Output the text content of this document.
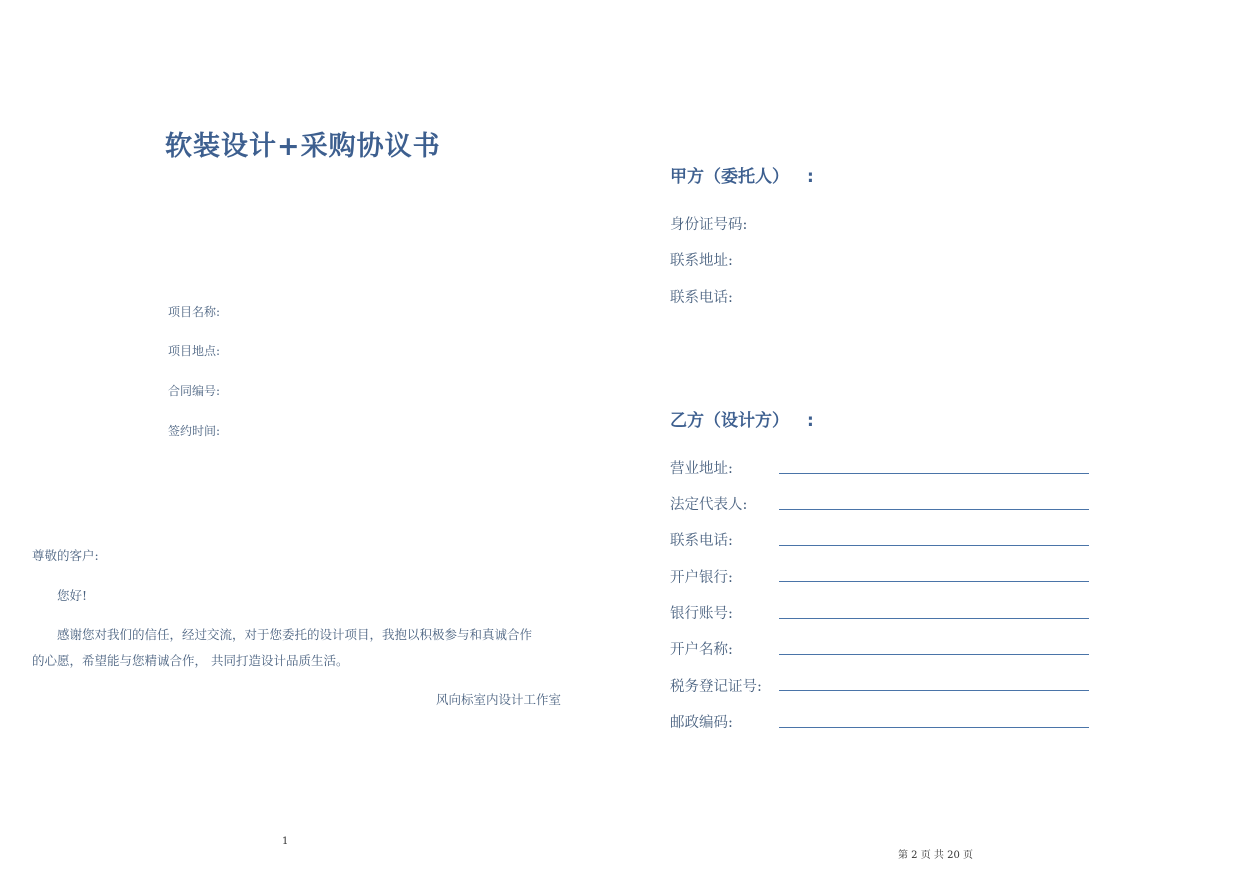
软装设计+采购协议书
项目名称:
项目地点:
合同编号:
签约时间:
尊敬的客户:
您好!
感谢您对我们的信任，经过交流，对于您委托的设计项目，我抱以积极参与和真诚合作
的心愿，希望能与您精诚合作， 共同打造设计品质生活。
风向标室内设计工作室
1
甲方（委托人） :
身份证号码:
联系地址:
联系电话:
乙方（设计方） :
营业地址:
法定代表人:
联系电话:
开户银行:
银行账号:
开户名称:
税务登记证号:
邮政编码:
第 2 页 共 20 页
